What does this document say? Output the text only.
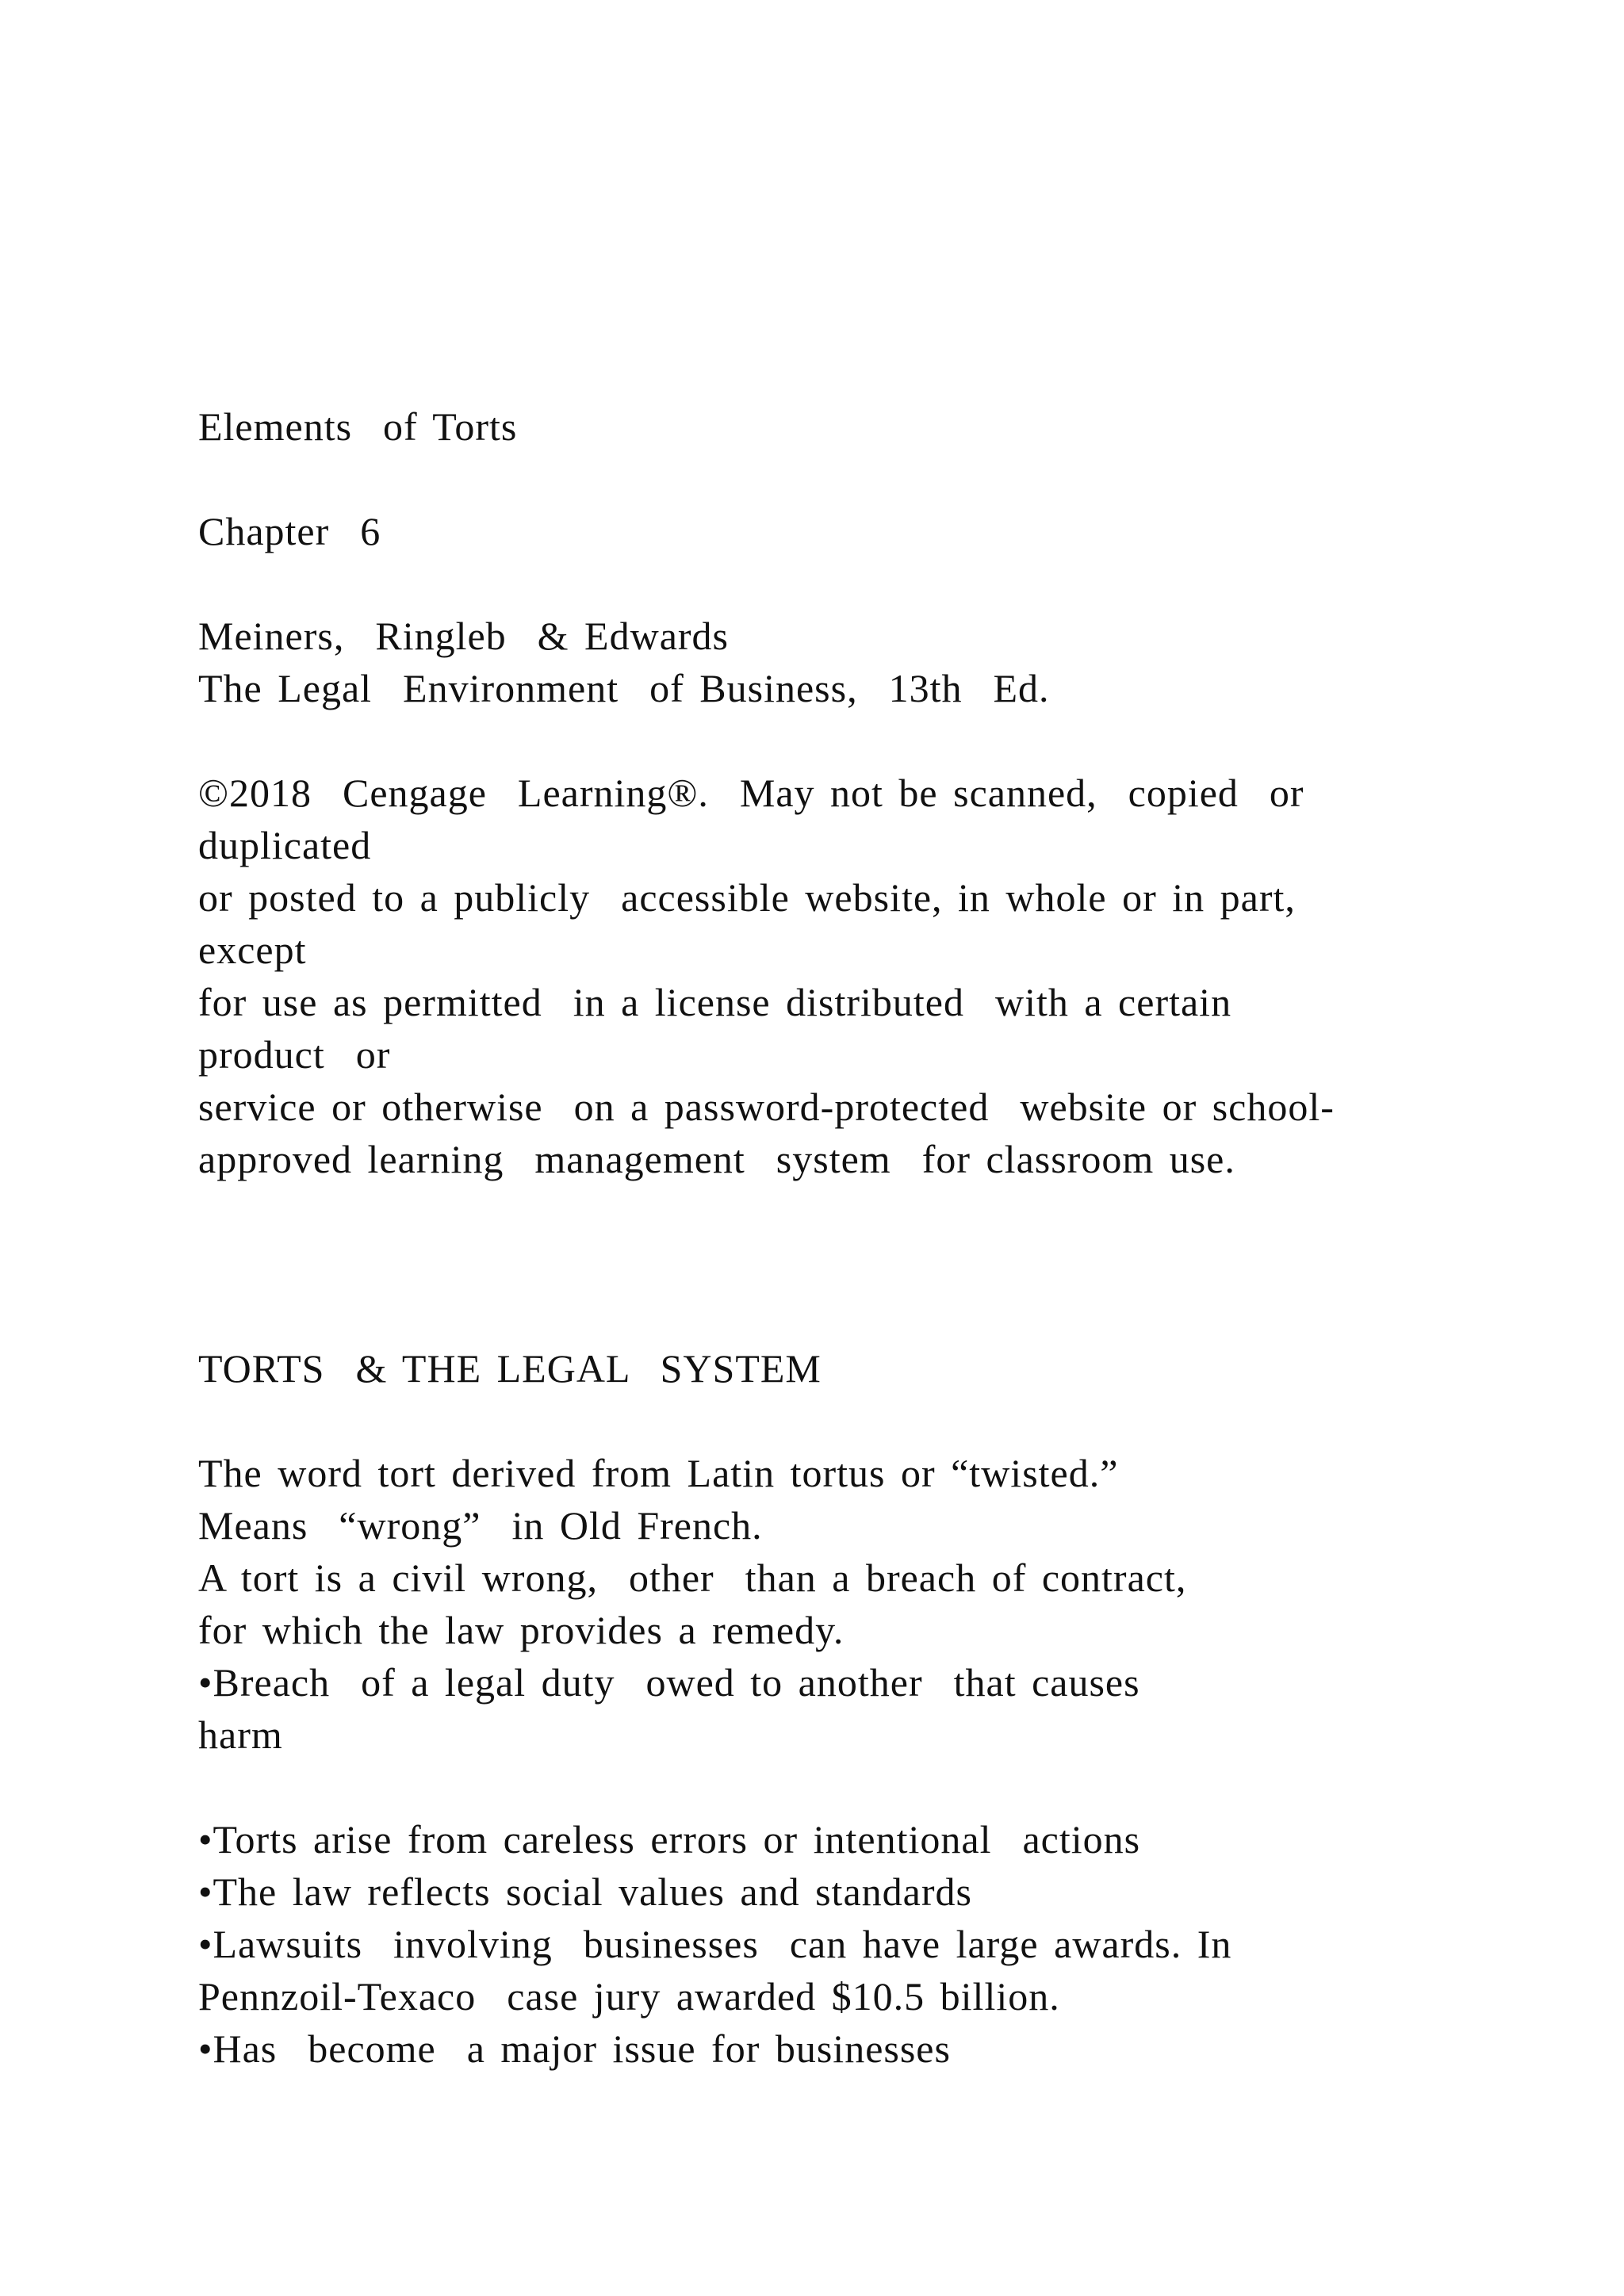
Elements  of Torts
Chapter  6
Meiners,  Ringleb  & Edwards
The Legal  Environment  of Business,  13th  Ed.
©2018  Cengage  Learning®.  May not be scanned,  copied  or
duplicated
or posted to a publicly  accessible website, in whole or in part,
except
for use as permitted  in a license distributed  with a certain
product  or
service or otherwise  on a password-protected  website or school-
approved learning  management  system  for classroom use.
TORTS  & THE LEGAL  SYSTEM
The word tort derived from Latin tortus or “twisted.”
Means  “wrong”  in Old French.
A tort is a civil wrong,  other  than a breach of contract,
for which the law provides a remedy.
•Breach  of a legal duty  owed to another  that causes
harm
•Torts arise from careless errors or intentional  actions
•The law reflects social values and standards
•Lawsuits  involving  businesses  can have large awards. In
Pennzoil-Texaco  case jury awarded $10.5 billion.
•Has  become  a major issue for businesses
